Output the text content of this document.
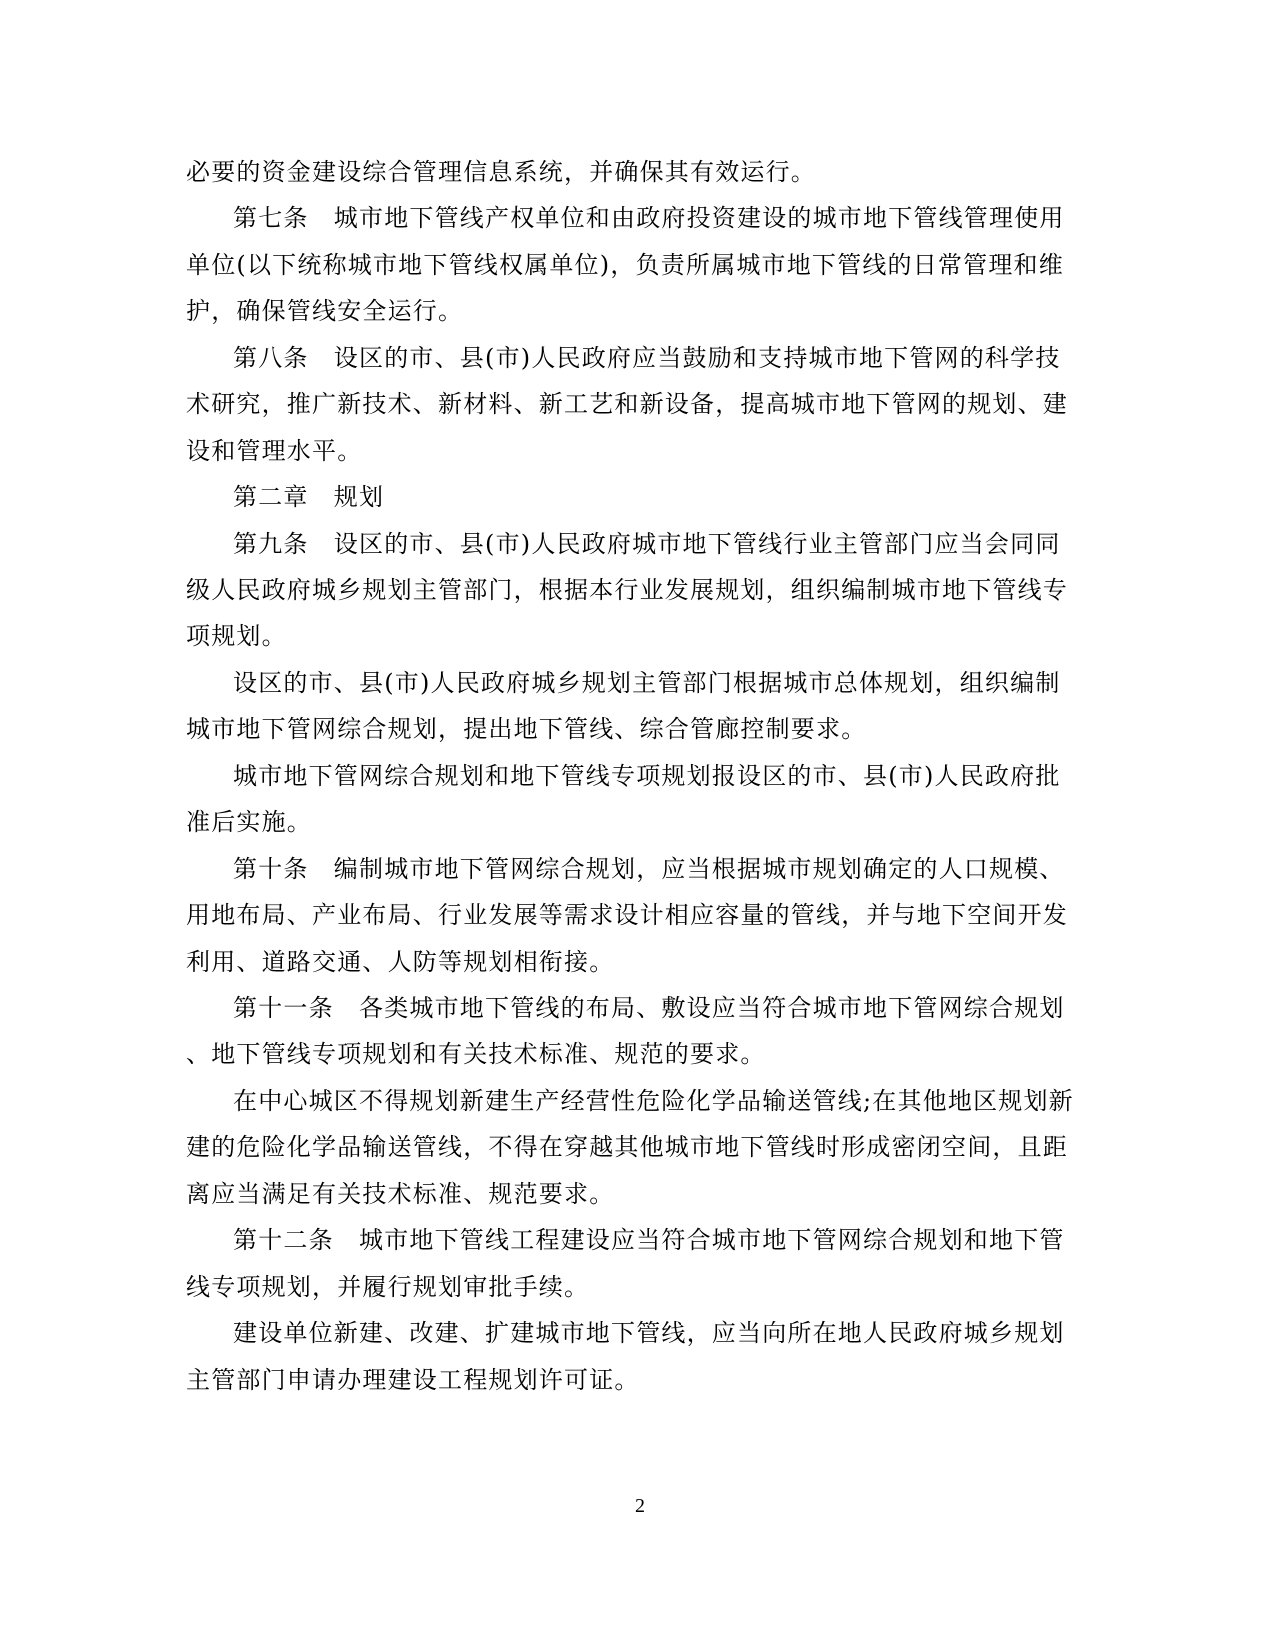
必要的资金建设综合管理信息系统，并确保其有效运行。
第七条　城市地下管线产权单位和由政府投资建设的城市地下管线管理使用
单位(以下统称城市地下管线权属单位)，负责所属城市地下管线的日常管理和维
护，确保管线安全运行。
第八条　设区的市、县(市)人民政府应当鼓励和支持城市地下管网的科学技
术研究，推广新技术、新材料、新工艺和新设备，提高城市地下管网的规划、建
设和管理水平。
第二章　规划
第九条　设区的市、县(市)人民政府城市地下管线行业主管部门应当会同同
级人民政府城乡规划主管部门，根据本行业发展规划，组织编制城市地下管线专
项规划。
设区的市、县(市)人民政府城乡规划主管部门根据城市总体规划，组织编制
城市地下管网综合规划，提出地下管线、综合管廊控制要求。
城市地下管网综合规划和地下管线专项规划报设区的市、县(市)人民政府批
准后实施。
第十条　编制城市地下管网综合规划，应当根据城市规划确定的人口规模、
用地布局、产业布局、行业发展等需求设计相应容量的管线，并与地下空间开发
利用、道路交通、人防等规划相衔接。
第十一条　各类城市地下管线的布局、敷设应当符合城市地下管网综合规划
、地下管线专项规划和有关技术标准、规范的要求。
在中心城区不得规划新建生产经营性危险化学品输送管线;在其他地区规划新
建的危险化学品输送管线，不得在穿越其他城市地下管线时形成密闭空间，且距
离应当满足有关技术标准、规范要求。
第十二条　城市地下管线工程建设应当符合城市地下管网综合规划和地下管
线专项规划，并履行规划审批手续。
建设单位新建、改建、扩建城市地下管线，应当向所在地人民政府城乡规划
主管部门申请办理建设工程规划许可证。
2
